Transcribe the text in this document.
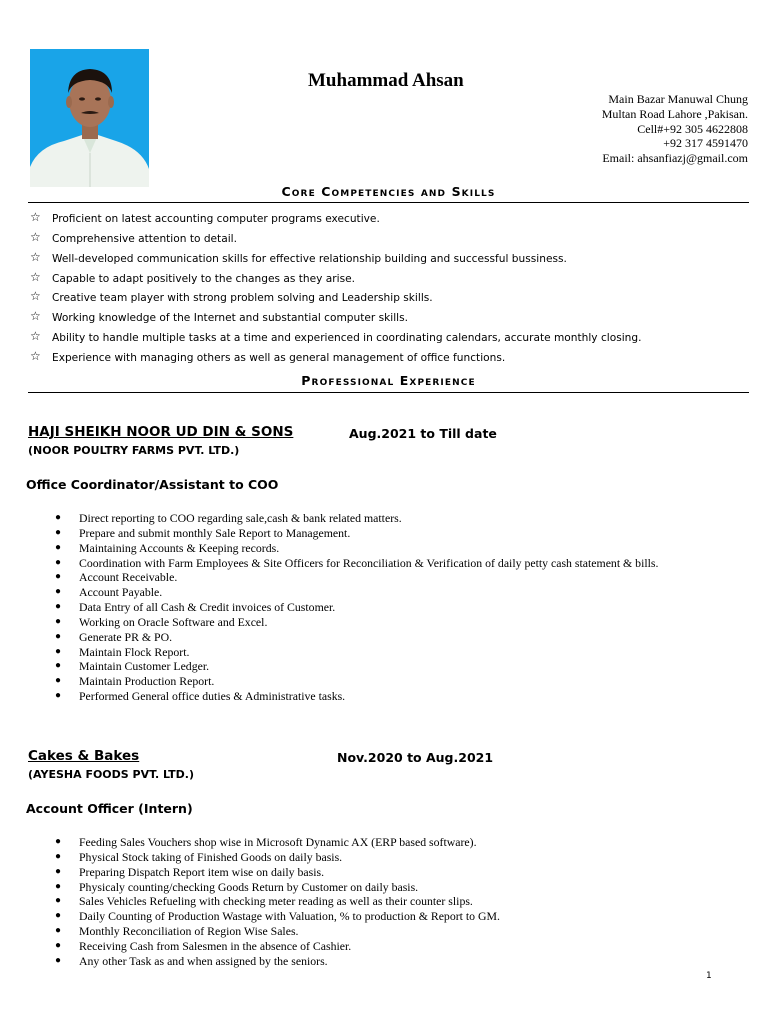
Muhammad Ahsan
Main Bazar Manuwal Chung
Multan Road Lahore ,Pakisan.
Cell#+92 305 4622808
+92 317 4591470
Email: ahsanfiazj@gmail.com
Core Competencies and Skills
☆ Proficient on latest accounting computer programs executive.
☆ Comprehensive attention to detail.
☆ Well-developed communication skills for effective relationship building and successful bussiness.
☆ Capable to adapt positively to the changes as they arise.
☆ Creative team player with strong problem solving and Leadership skills.
☆ Working knowledge of the Internet and substantial computer skills.
☆ Ability to handle multiple tasks at a time and experienced in coordinating calendars, accurate monthly closing.
☆ Experience with managing others as well as general management of office functions.
Professional Experience
HAJI SHEIKH NOOR UD DIN & SONS	Aug.2021 to Till date
(NOOR POULTRY FARMS PVT. LTD.)
Office Coordinator/Assistant to COO
● Direct reporting to COO regarding sale,cash & bank related matters.
● Prepare and submit monthly Sale Report to Management.
● Maintaining Accounts & Keeping records.
● Coordination with Farm Employees & Site Officers for Reconciliation & Verification of daily petty cash statement & bills.
● Account Receivable.
● Account Payable.
● Data Entry of all Cash & Credit invoices of Customer.
● Working on Oracle Software and Excel.
● Generate PR & PO.
● Maintain Flock Report.
● Maintain Customer Ledger.
● Maintain Production Report.
● Performed General office duties & Administrative tasks.
Cakes & Bakes	Nov.2020 to Aug.2021
(AYESHA FOODS PVT. LTD.)
Account Officer (Intern)
● Feeding Sales Vouchers shop wise in Microsoft Dynamic AX (ERP based software).
● Physical Stock taking of Finished Goods on daily basis.
● Preparing Dispatch Report item wise on daily basis.
● Physicaly counting/checking Goods Return by Customer on daily basis.
● Sales Vehicles Refueling with checking meter reading as well as their counter slips.
● Daily Counting of Production Wastage with Valuation, % to production & Report to GM.
● Monthly Reconciliation of Region Wise Sales.
● Receiving Cash from Salesmen in the absence of Cashier.
● Any other Task as and when assigned by the seniors.
1
